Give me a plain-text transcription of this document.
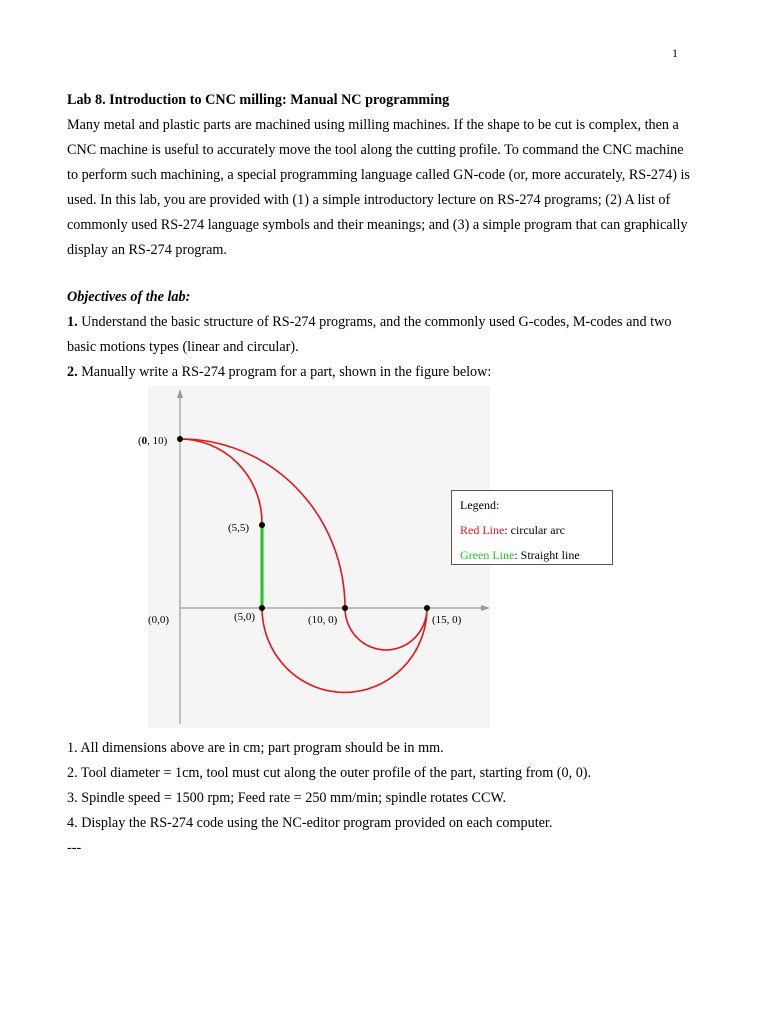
1
Lab 8. Introduction to CNC milling: Manual NC programming
Many metal and plastic parts are machined using milling machines. If the shape to be cut is complex, then a
CNC machine is useful to accurately move the tool along the cutting profile. To command the CNC machine
to perform such machining, a special programming language called GN-code (or, more accurately, RS-274) is
used. In this lab, you are provided with (1) a simple introductory lecture on RS-274 programs; (2) A list of
commonly used RS-274 language symbols and their meanings; and (3) a simple program that can graphically
display an RS-274 program.
Objectives of the lab:
1. Understand the basic structure of RS-274 programs, and the commonly used G-codes, M-codes and two
basic motions types (linear and circular).
2. Manually write a RS-274 program for a part, shown in the figure below:
(0, 10)
(5,5)
(0,0)	(5,0)	(10, 0)	(15, 0)
Legend:
Red Line: circular arc
Green Line: Straight line
1. All dimensions above are in cm; part program should be in mm.
2. Tool diameter = 1cm, tool must cut along the outer profile of the part, starting from (0, 0).
3. Spindle speed = 1500 rpm; Feed rate = 250 mm/min; spindle rotates CCW.
4. Display the RS-274 code using the NC-editor program provided on each computer.
---
